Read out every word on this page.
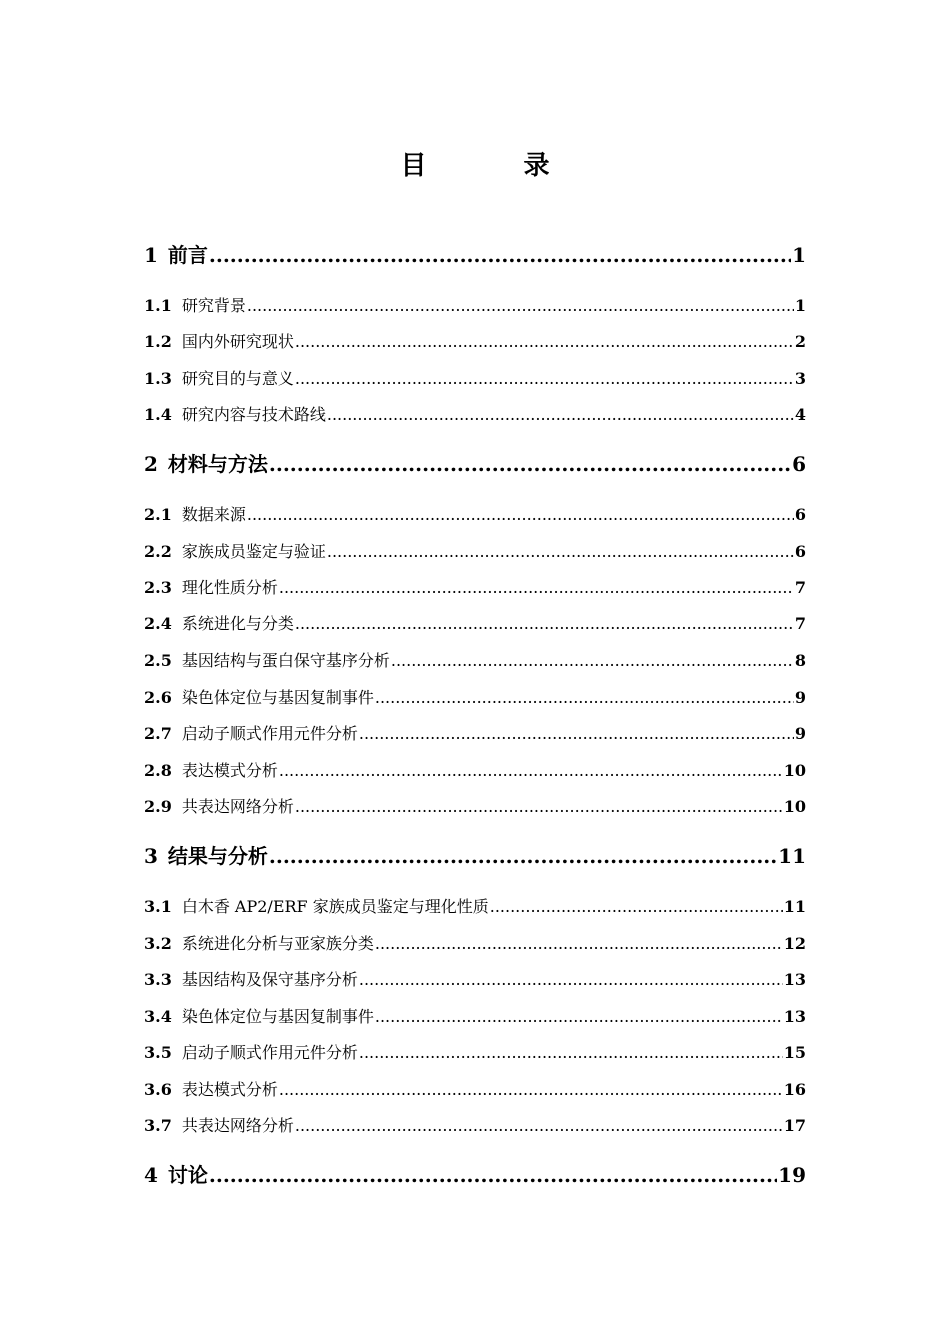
目 录
1 前言 .....	1
1.1 研究背景 .....	1
1.2 国内外研究现状 .....	2
1.3 研究目的与意义 .....	3
1.4 研究内容与技术路线 .....	4
2 材料与方法 .....	6
2.1 数据来源 .....	6
2.2 家族成员鉴定与验证 .....	6
2.3 理化性质分析 .....	7
2.4 系统进化与分类 .....	7
2.5 基因结构与蛋白保守基序分析 .....	8
2.6 染色体定位与基因复制事件 .....	9
2.7 启动子顺式作用元件分析 .....	9
2.8 表达模式分析 .....	10
2.9 共表达网络分析 .....	10
3 结果与分析 .....	11
3.1 白木香 AP2/ERF 家族成员鉴定与理化性质 .....	11
3.2 系统进化分析与亚家族分类 .....	12
3.3 基因结构及保守基序分析 .....	13
3.4 染色体定位与基因复制事件 .....	13
3.5 启动子顺式作用元件分析 .....	15
3.6 表达模式分析 .....	16
3.7 共表达网络分析 .....	17
4 讨论 .....	19
